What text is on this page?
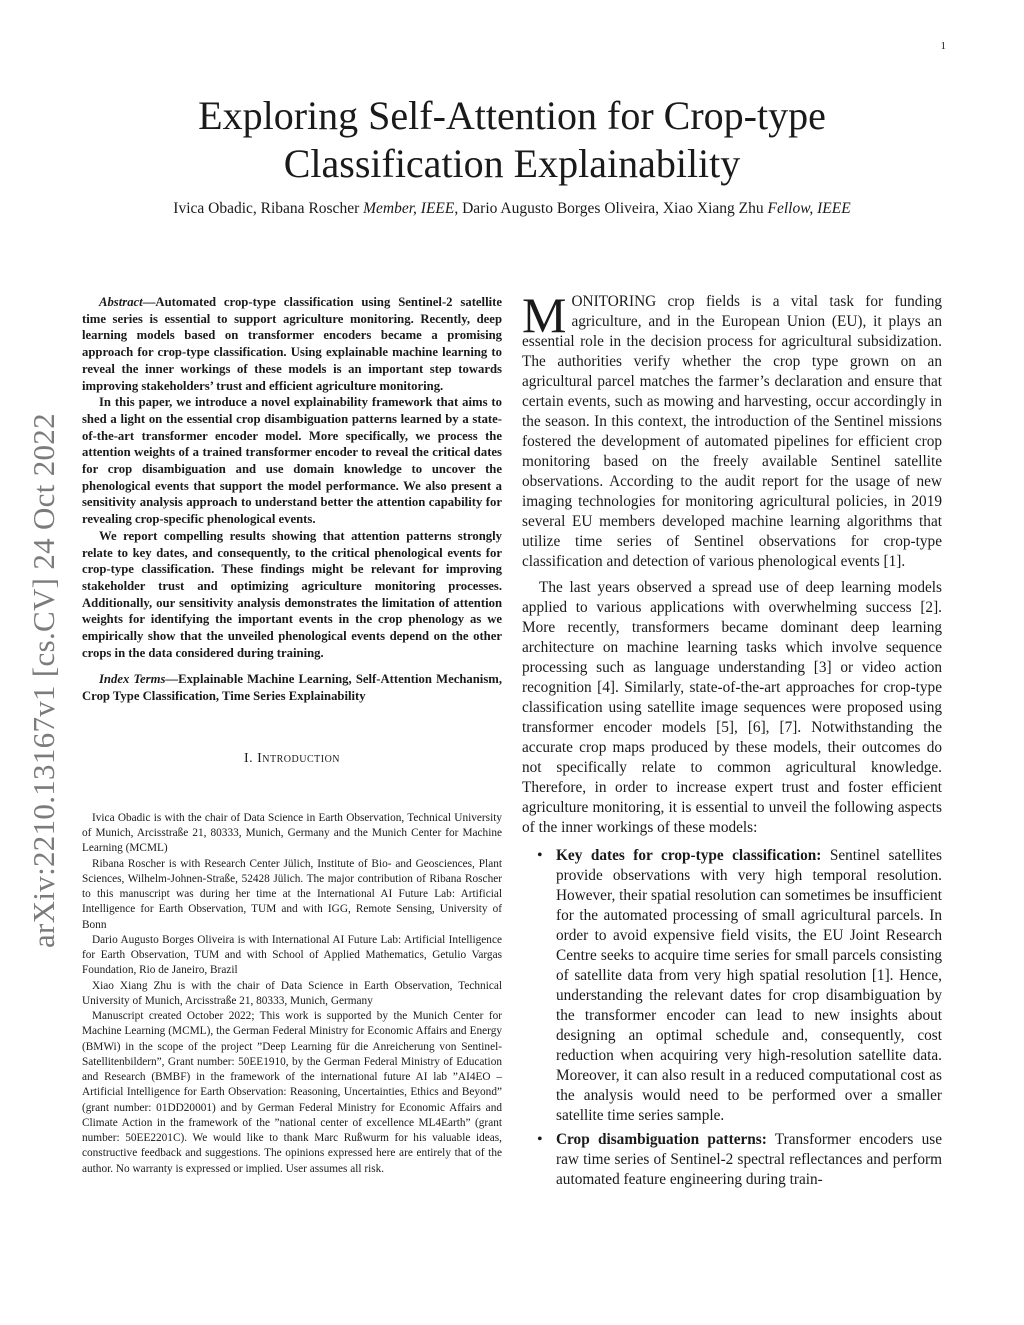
1
arXiv:2210.13167v1 [cs.CV] 24 Oct 2022
Exploring Self-Attention for Crop-type
Classification Explainability
Ivica Obadic, Ribana Roscher Member, IEEE, Dario Augusto Borges Oliveira, Xiao Xiang Zhu Fellow, IEEE

Abstract—Automated crop-type classification using Sentinel-2 satellite time series is essential to support agriculture monitoring. Recently, deep learning models based on transformer encoders became a promising approach for crop-type classification. Using explainable machine learning to reveal the inner workings of these models is an important step towards improving stakeholders’ trust and efficient agriculture monitoring.

In this paper, we introduce a novel explainability framework that aims to shed a light on the essential crop disambiguation patterns learned by a state-of-the-art transformer encoder model. More specifically, we process the attention weights of a trained transformer encoder to reveal the critical dates for crop disambiguation and use domain knowledge to uncover the phenological events that support the model performance. We also present a sensitivity analysis approach to understand better the attention capability for revealing crop-specific phenological events.

We report compelling results showing that attention patterns strongly relate to key dates, and consequently, to the critical phenological events for crop-type classification. These findings might be relevant for improving stakeholder trust and optimizing agriculture monitoring processes. Additionally, our sensitivity analysis demonstrates the limitation of attention weights for identifying the important events in the crop phenology as we empirically show that the unveiled phenological events depend on the other crops in the data considered during training.

Index Terms—Explainable Machine Learning, Self-Attention Mechanism, Crop Type Classification, Time Series Explainability

I. Introduction

Ivica Obadic is with the chair of Data Science in Earth Observation, Technical University of Munich, Arcisstraße 21, 80333, Munich, Germany and the Munich Center for Machine Learning (MCML)

Ribana Roscher is with Research Center Jülich, Institute of Bio- and Geosciences, Plant Sciences, Wilhelm-Johnen-Straße, 52428 Jülich. The major contribution of Ribana Roscher to this manuscript was during her time at the International AI Future Lab: Artificial Intelligence for Earth Observation, TUM and with IGG, Remote Sensing, University of Bonn

Dario Augusto Borges Oliveira is with International AI Future Lab: Artificial Intelligence for Earth Observation, TUM and with School of Applied Mathematics, Getulio Vargas Foundation, Rio de Janeiro, Brazil

Xiao Xiang Zhu is with the chair of Data Science in Earth Observation, Technical University of Munich, Arcisstraße 21, 80333, Munich, Germany

Manuscript created October 2022; This work is supported by the Munich Center for Machine Learning (MCML), the German Federal Ministry for Economic Affairs and Energy (BMWi) in the scope of the project ”Deep Learning für die Anreicherung von Sentinel-Satellitenbildern”, Grant number: 50EE1910, by the German Federal Ministry of Education and Research (BMBF) in the framework of the international future AI lab ”AI4EO – Artificial Intelligence for Earth Observation: Reasoning, Uncertainties, Ethics and Beyond” (grant number: 01DD20001) and by German Federal Ministry for Economic Affairs and Climate Action in the framework of the ”national center of excellence ML4Earth” (grant number: 50EE2201C). We would like to thank Marc Rußwurm for his valuable ideas, constructive feedback and suggestions. The opinions expressed here are entirely that of the author. No warranty is expressed or implied. User assumes all risk.

MONITORING crop fields is a vital task for funding agriculture, and in the European Union (EU), it plays an essential role in the decision process for agricultural subsidization. The authorities verify whether the crop type grown on an agricultural parcel matches the farmer’s declaration and ensure that certain events, such as mowing and harvesting, occur accordingly in the season. In this context, the introduction of the Sentinel missions fostered the development of automated pipelines for efficient crop monitoring based on the freely available Sentinel satellite observations. According to the audit report for the usage of new imaging technologies for monitoring agricultural policies, in 2019 several EU members developed machine learning algorithms that utilize time series of Sentinel observations for crop-type classification and detection of various phenological events [1].

The last years observed a spread use of deep learning models applied to various applications with overwhelming success [2]. More recently, transformers became dominant deep learning architecture on machine learning tasks which involve sequence processing such as language understanding [3] or video action recognition [4]. Similarly, state-of-the-art approaches for crop-type classification using satellite image sequences were proposed using transformer encoder models [5], [6], [7]. Notwithstanding the accurate crop maps produced by these models, their outcomes do not specifically relate to common agricultural knowledge. Therefore, in order to increase expert trust and foster efficient agriculture monitoring, it is essential to unveil the following aspects of the inner workings of these models:

• Key dates for crop-type classification: Sentinel satellites provide observations with very high temporal resolution. However, their spatial resolution can sometimes be insufficient for the automated processing of small agricultural parcels. In order to avoid expensive field visits, the EU Joint Research Centre seeks to acquire time series for small parcels consisting of satellite data from very high spatial resolution [1]. Hence, understanding the relevant dates for crop disambiguation by the transformer encoder can lead to new insights about designing an optimal schedule and, consequently, cost reduction when acquiring very high-resolution satellite data. Moreover, it can also result in a reduced computational cost as the analysis would need to be performed over a smaller satellite time series sample.
• Crop disambiguation patterns: Transformer encoders use raw time series of Sentinel-2 spectral reflectances and perform automated feature engineering during train-
